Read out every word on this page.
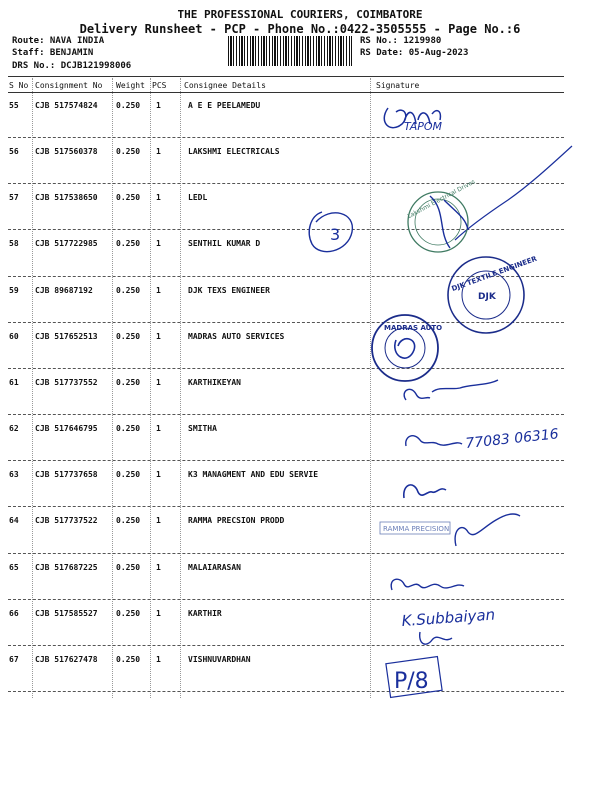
THE PROFESSIONAL COURIERS, COIMBATORE
Delivery Runsheet - PCP - Phone No.:0422-3505555 - Page No.:6
Route: NAVA INDIA
Staff: BENJAMIN
DRS No.: DCJB121998006
RS No.: 1219980
RS Date: 05-Aug-2023
S No Consignment No Weight PCS Consignee Details	Signature
55 CJB 517574824 0.250 1	A E E PEELAMEDU
56 CJB 517560378 0.250 1	LAKSHMI ELECTRICALS
57 CJB 517538650 0.250 1	LEDL
58 CJB 517722985 0.250 1	SENTHIL KUMAR D
59 CJB 89687192	0.250 1	DJK TEXS ENGINEER
60 CJB 517652513 0.250 1	MADRAS AUTO SERVICES
61 CJB 517737552 0.250 1	KARTHIKEYAN
62 CJB 517646795 0.250 1	SMITHA
63 CJB 517737658 0.250 1	K3 MANAGMENT AND EDU SERVIE
64 CJB 517737522 0.250 1	RAMMA PRECSION PRODD
65 CJB 517687225 0.250 1	MALAIARASAN
66 CJB 517585527 0.250 1	KARTHIR
67 CJB 517627478 0.250 1	VISHNUVARDHAN
TAPOM
Lakshmi Electrical Drives
3
DJK TEXTILE ENGINEER
DJK
MADRAS AUTO
77083 06316
RAMMA PRECISION
K.Subbaiyan
P/8
